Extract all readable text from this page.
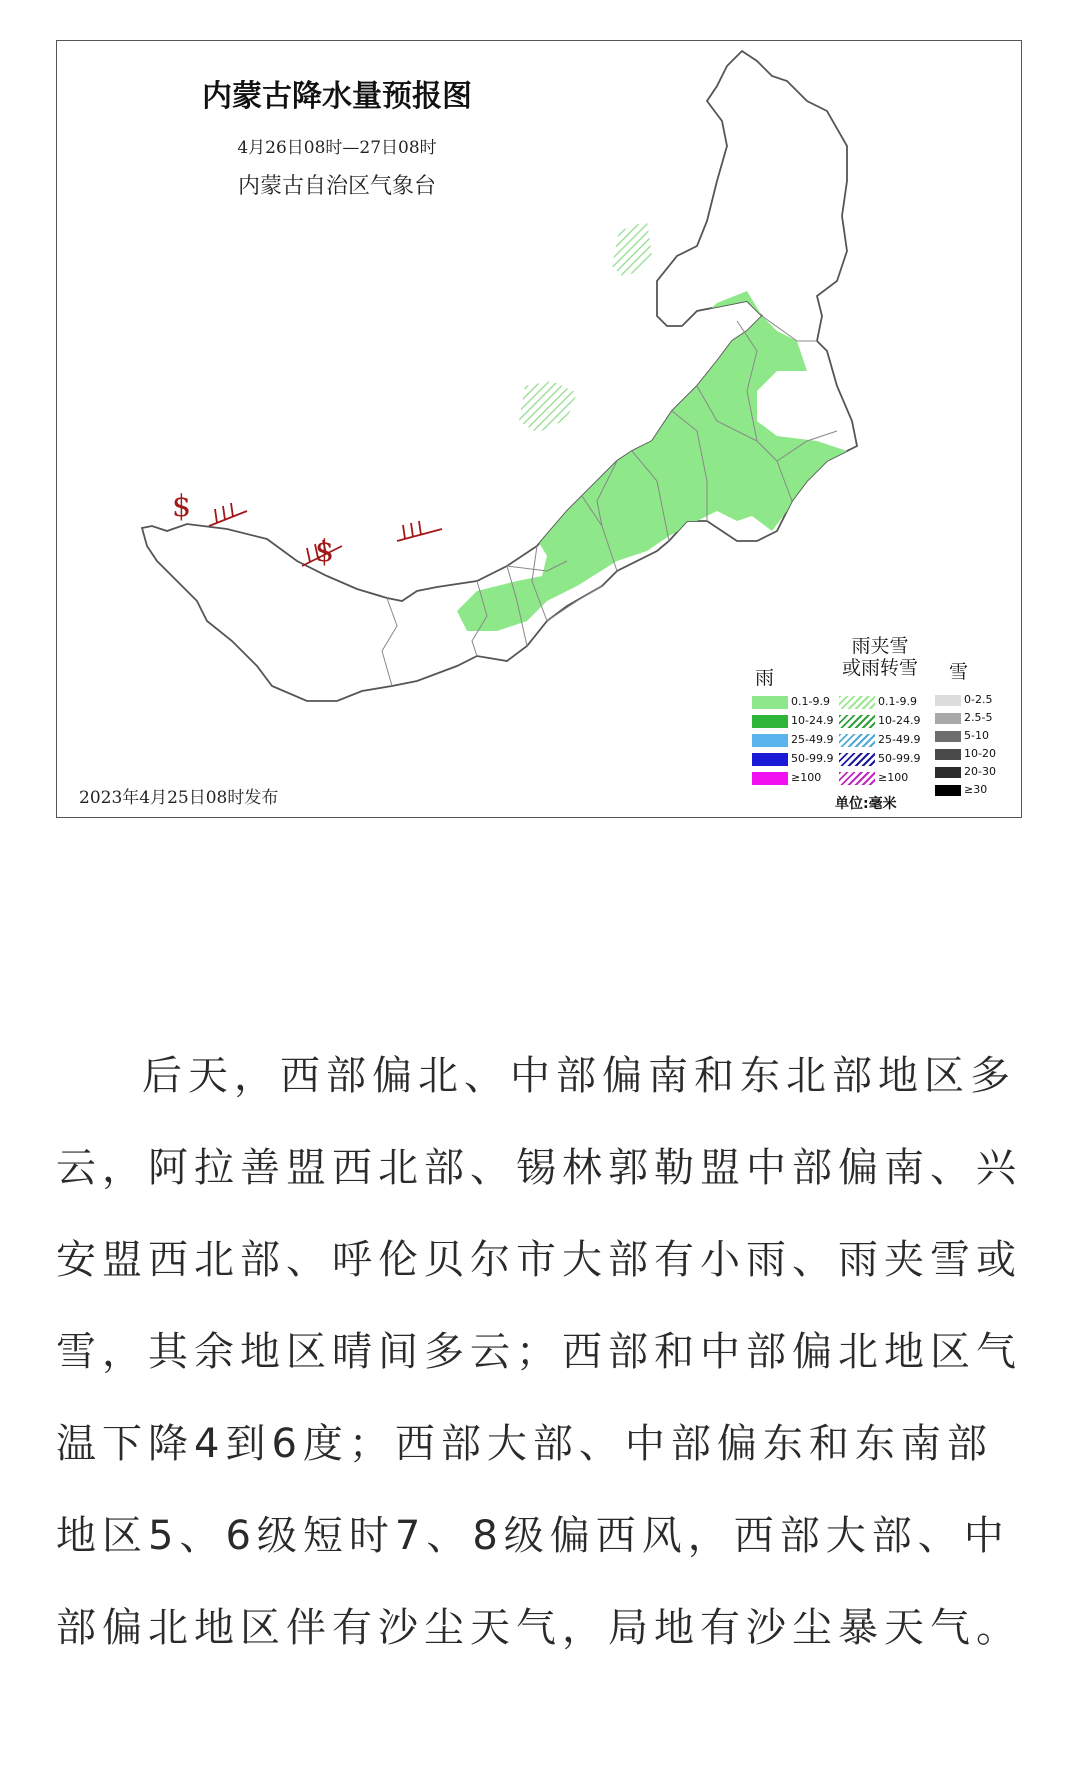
$
$
内蒙古降水量预报图
4月26日08时—27日08时
内蒙古自治区气象台
2023年4月25日08时发布
雨
雨夹雪
或雨转雪	雪
0.1-9.9
10-24.9
25-49.9
50-99.9
≥100
0.1-9.9
10-24.9
25-49.9
50-99.9
≥100
0-2.5
2.5-5
5-10
10-20
20-30
≥30
单位:毫米

后天，西部偏北、中部偏南和东北部地区多云，阿拉善盟西北部、锡林郭勒盟中部偏南、兴安盟西北部、呼伦贝尔市大部有小雨、雨夹雪或雪，其余地区晴间多云；西部和中部偏北地区气温下降4到6度；西部大部、中部偏东和东南部地区5、6级短时7、8级偏西风，西部大部、中部偏北地区伴有沙尘天气，局地有沙尘暴天气。
